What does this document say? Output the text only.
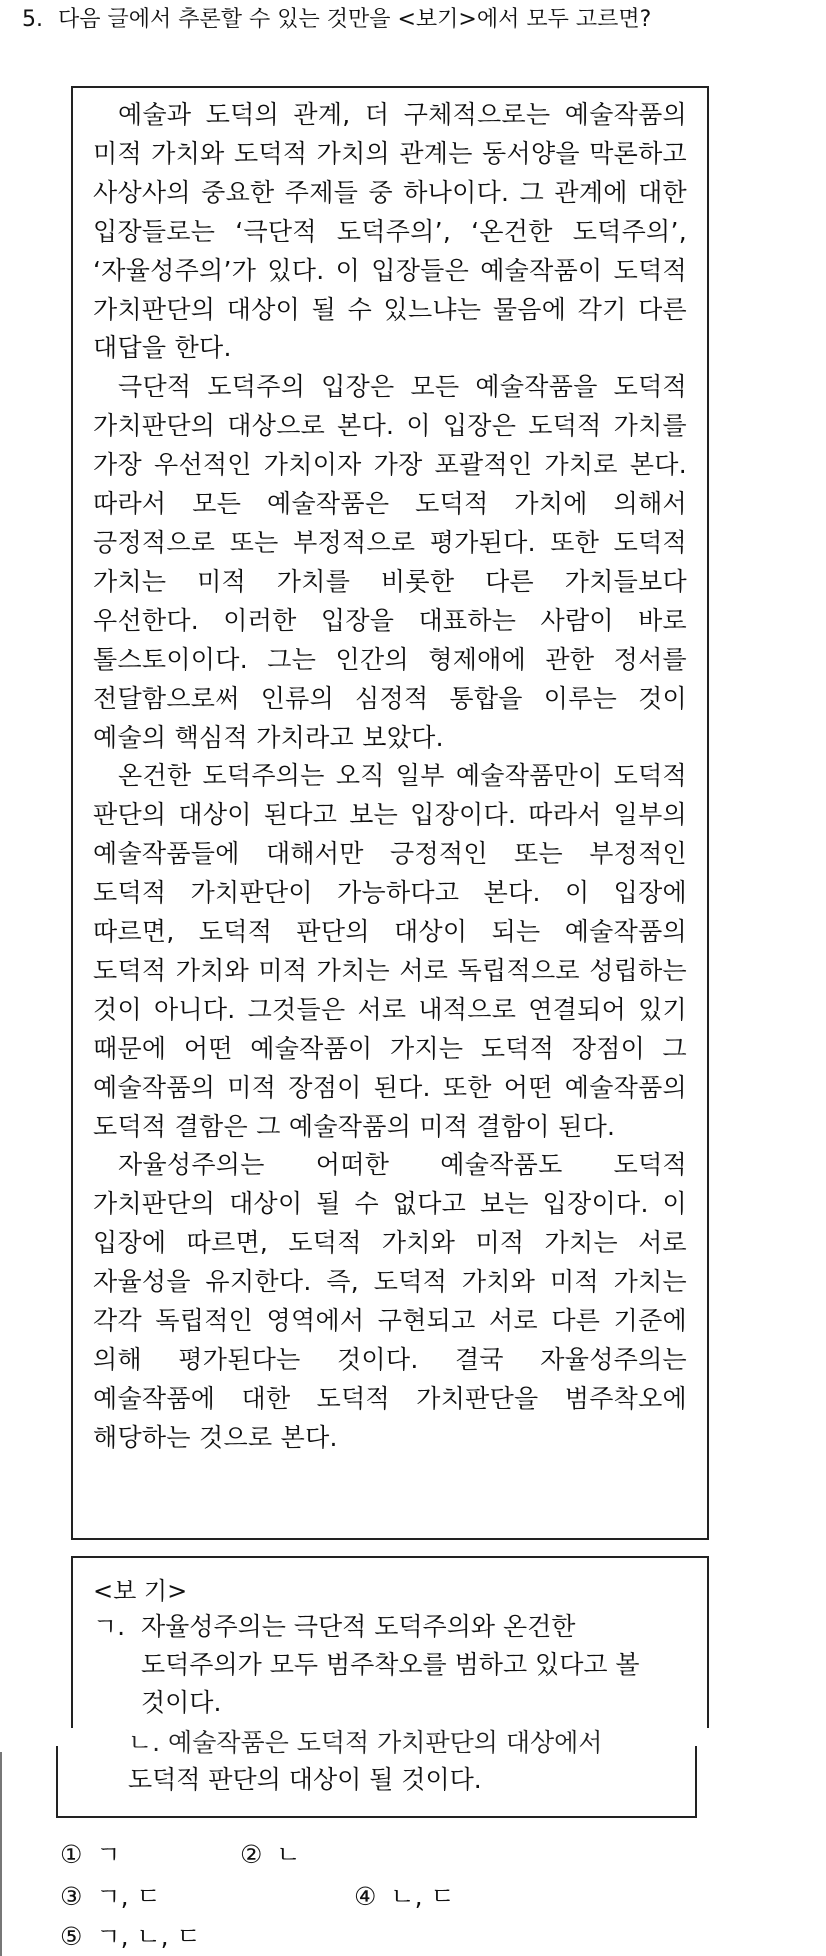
5. 다음 글에서 추론할 수 있는 것만을 <보기>에서 모두 고르면?

예술과 도덕의 관계, 더 구체적으로는 예술작품의 미적 가치와 도덕적 가치의 관계는 동서양을 막론하고 사상사의 중요한 주제들 중 하나이다. 그 관계에 대한 입장들로는 ‘극단적 도덕주의’, ‘온건한 도덕주의’, ‘자율성주의’가 있다. 이 입장들은 예술작품이 도덕적 가치판단의 대상이 될 수 있느냐는 물음에 각기 다른 대답을 한다.

극단적 도덕주의 입장은 모든 예술작품을 도덕적 가치판단의 대상으로 본다. 이 입장은 도덕적 가치를 가장 우선적인 가치이자 가장 포괄적인 가치로 본다. 따라서 모든 예술작품은 도덕적 가치에 의해서 긍정적으로 또는 부정적으로 평가된다. 또한 도덕적 가치는 미적 가치를 비롯한 다른 가치들보다 우선한다. 이러한 입장을 대표하는 사람이 바로 톨스토이이다. 그는 인간의 형제애에 관한 정서를 전달함으로써 인류의 심정적 통합을 이루는 것이 예술의 핵심적 가치라고 보았다.

온건한 도덕주의는 오직 일부 예술작품만이 도덕적 판단의 대상이 된다고 보는 입장이다. 따라서 일부의 예술작품들에 대해서만 긍정적인 또는 부정적인 도덕적 가치판단이 가능하다고 본다. 이 입장에 따르면, 도덕적 판단의 대상이 되는 예술작품의 도덕적 가치와 미적 가치는 서로 독립적으로 성립하는 것이 아니다. 그것들은 서로 내적으로 연결되어 있기 때문에 어떤 예술작품이 가지는 도덕적 장점이 그 예술작품의 미적 장점이 된다. 또한 어떤 예술작품의 도덕적 결함은 그 예술작품의 미적 결함이 된다.

자율성주의는 어떠한 예술작품도 도덕적 가치판단의 대상이 될 수 없다고 보는 입장이다. 이 입장에 따르면, 도덕적 가치와 미적 가치는 서로 자율성을 유지한다. 즉, 도덕적 가치와 미적 가치는 각각 독립적인 영역에서 구현되고 서로 다른 기준에 의해 평가된다는 것이다. 결국 자율성주의는 예술작품에 대한 도덕적 가치판단을 범주착오에 해당하는 것으로 본다.

<보 기>
ㄱ. 자율성주의는 극단적 도덕주의와 온건한 도덕주의가 모두 범주착오를 범하고 있다고 볼 것이다.
ㄴ. 예술작품은 도덕적 가치판단의 대상에서
도덕적 판단의 대상이 될 것이다.
① ㄱ	② ㄴ
③ ㄱ, ㄷ	④ ㄴ, ㄷ
⑤ ㄱ, ㄴ, ㄷ
